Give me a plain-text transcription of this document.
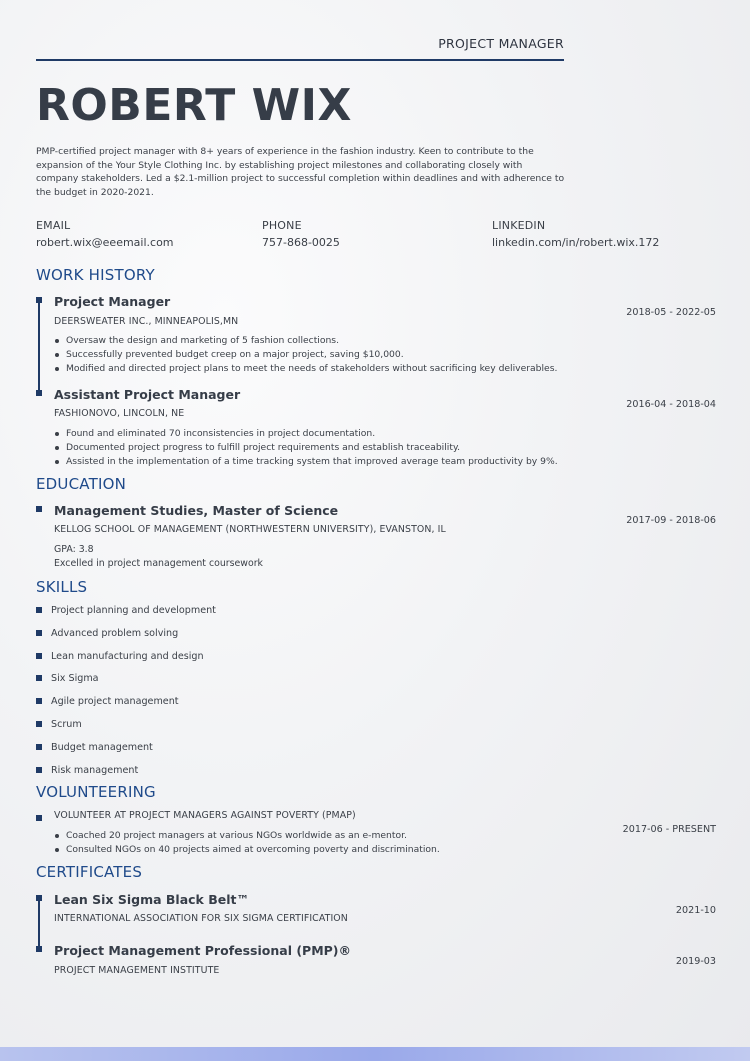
PROJECT MANAGER
ROBERT WIX
PMP-certified project manager with 8+ years of experience in the fashion industry. Keen to contribute to the expansion of the Your Style Clothing Inc. by establishing project milestones and collaborating closely with company stakeholders. Led a $2.1-million project to successful completion within deadlines and with adherence to the budget in 2020-2021.
EMAIL
robert.wix@eeemail.com
PHONE
757-868-0025
LINKEDIN
linkedin.com/in/robert.wix.172
WORK HISTORY
Project Manager
DEERSWEATER INC., MINNEAPOLIS,MN
2018-05 - 2022-05
Oversaw the design and marketing of 5 fashion collections.
Successfully prevented budget creep on a major project, saving $10,000.
Modified and directed project plans to meet the needs of stakeholders without sacrificing key deliverables.
Assistant Project Manager
FASHIONOVO, LINCOLN, NE
2016-04 - 2018-04
Found and eliminated 70 inconsistencies in project documentation.
Documented project progress to fulfill project requirements and establish traceability.
Assisted in the implementation of a time tracking system that improved average team productivity by 9%.
EDUCATION
Management Studies, Master of Science
KELLOG SCHOOL OF MANAGEMENT (NORTHWESTERN UNIVERSITY), EVANSTON, IL
2017-09 - 2018-06
GPA: 3.8
Excelled in project management coursework
SKILLS
Project planning and development
Advanced problem solving
Lean manufacturing and design
Six Sigma
Agile project management
Scrum
Budget management
Risk management
VOLUNTEERING
VOLUNTEER AT PROJECT MANAGERS AGAINST POVERTY (PMAP)
2017-06 - PRESENT
Coached 20 project managers at various NGOs worldwide as an e-mentor.
Consulted NGOs on 40 projects aimed at overcoming poverty and discrimination.
CERTIFICATES
Lean Six Sigma Black Belt™
INTERNATIONAL ASSOCIATION FOR SIX SIGMA CERTIFICATION
2021-10
Project Management Professional (PMP)®
PROJECT MANAGEMENT INSTITUTE
2019-03
